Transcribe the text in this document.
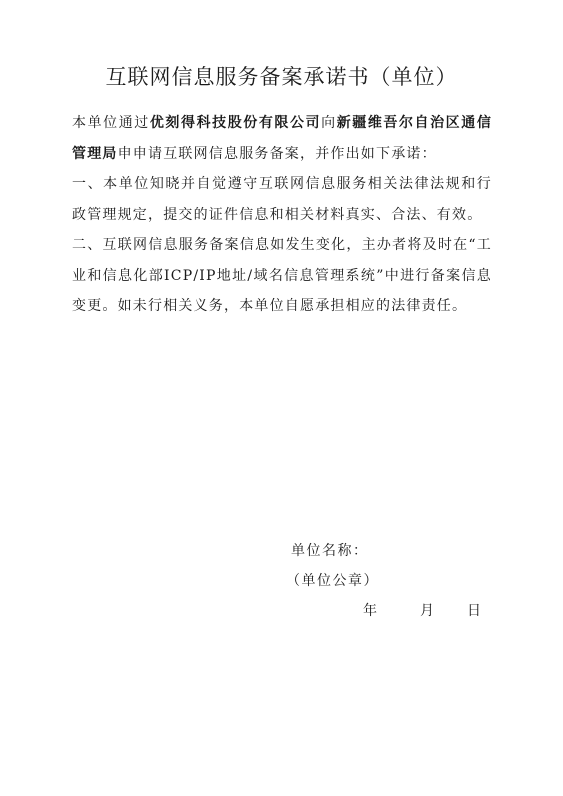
互联网信息服务备案承诺书（单位）

本单位通过优刻得科技股份有限公司向新疆维吾尔自治区通信管理局申申请互联网信息服务备案，并作出如下承诺：

一、本单位知晓并自觉遵守互联网信息服务相关法律法规和行政管理规定，提交的证件信息和相关材料真实、合法、有效。

二、互联网信息服务备案信息如发生变化，主办者将及时在“工业和信息化部ICP/IP地址/域名信息管理系统”中进行备案信息变更。如未行相关义务，本单位自愿承担相应的法律责任。

单位名称：
（单位公章）
年	月 日
